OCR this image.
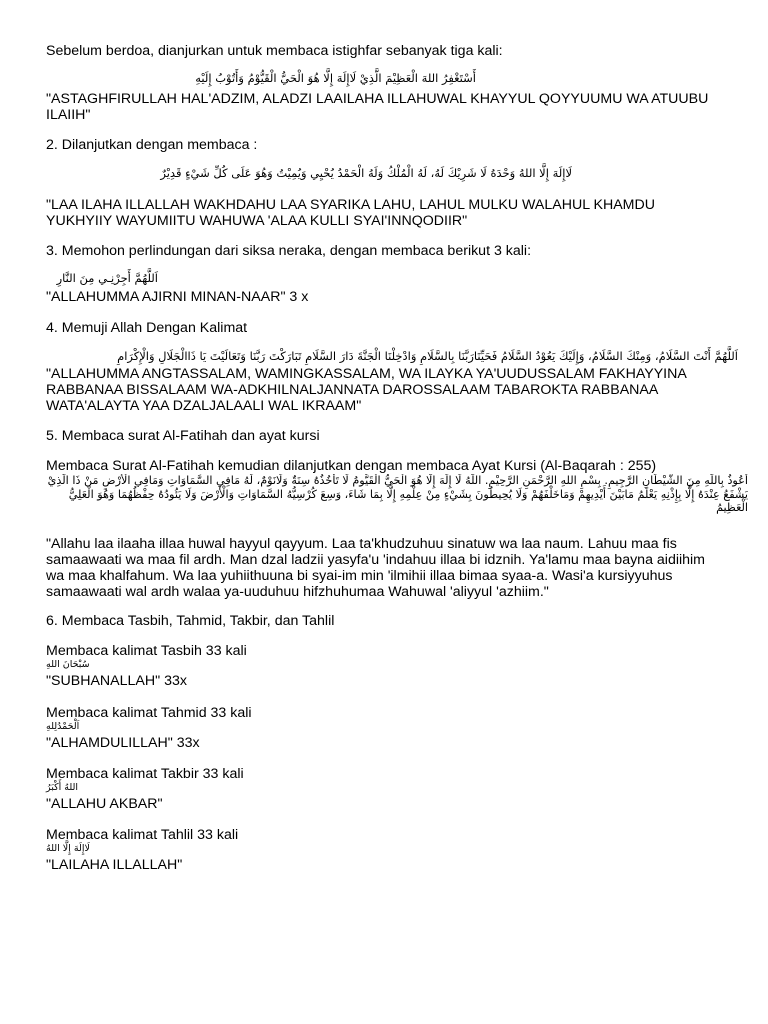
Sebelum berdoa, dianjurkan untuk membaca istighfar sebanyak tiga kali:
أَسْتَغْفِرُ اللهَ الْعَظِيْمَ الَّذِيْ لَاإِلَهَ إِلَّا هُوَ الْحَيُّ الْقَيُّوْمُ وَأَتُوْبُ إِلَيْهِ
"ASTAGHFIRULLAH HAL'ADZIM, ALADZI LAAILAHA ILLAHUWAL KHAYYUL QOYYUUMU WA ATUUBU
ILAIIH"
2. Dilanjutkan dengan membaca :
لَاإِلَهَ إِلَّا اللهُ وَحْدَهُ لَا شَرِيْكَ لَهُ، لَهُ الْمُلْكُ وَلَهُ الْحَمْدُ يُحْيِي وَيُمِيْتُ وَهُوَ عَلَى كُلِّ شَيْءٍ قَدِيْرٌ
"LAA ILAHA ILLALLAH WAKHDAHU LAA SYARIKA LAHU, LAHUL MULKU WALAHUL KHAMDU
YUKHYIIY WAYUMIITU WAHUWA 'ALAA KULLI SYAI'INNQODIIR"
3. Memohon perlindungan dari siksa neraka, dengan membaca berikut 3 kali:
اَللَّهُمَّ أَجِرْنِـي مِنَ النَّارِ
"ALLAHUMMA AJIRNI MINAN-NAAR" 3 x
4. Memuji Allah Dengan Kalimat
اَللَّهُمَّ أَنْتَ السَّلَامُ، وَمِنْكَ السَّلَامُ، وَإِلَيْكَ يَعُوْدُ السَّلَامُ فَحَيِّنَارَبَّنَا بِالسَّلَامِ وَادْخِلْنَا الْجَنَّةَ دَارَ السَّلَامِ تَبَارَكْتَ رَبَّنَا وَتَعَالَيْتَ يَا ذَاالْجَلَالِ وَالْإِكْرَامِ
"ALLAHUMMA ANGTASSALAM, WAMINGKASSALAM, WA ILAYKA YA'UUDUSSALAM FAKHAYYINA
RABBANAA BISSALAAM WA-ADKHILNALJANNATA DAROSSALAAM TABAROKTA RABBANAA
WATA'ALAYTA YAA DZALJALAALI WAL IKRAAM"
5. Membaca surat Al-Fatihah dan ayat kursi
Membaca Surat Al-Fatihah kemudian dilanjutkan dengan membaca Ayat Kursi (Al-Baqarah : 255)
أَعُوذُ بِاللَّهِ مِنَ الشَّيْطَانِ الرَّجِيمِ. بِسْمِ اللهِ الرَّحْمَنِ الرَّحِيْمِ. اللَّهُ لَا إِلَهَ إِلَّا هُوَ الْحَيُّ الْقَيُّومُ لَا تَأْخُذُهُ سِنَةٌ وَلَانَوْمٌ، لَهُ مَافِي السَّمَاوَاتِ وَمَافِي الْأَرْضِ مَنْ ذَا الَّذِيْ يَشْفَعُ عِنْدَهُ إِلَّا بِإِذْنِهِ يَعْلَمُ مَابَيْنَ أَيْدِيهِمْ وَمَاخَلْفَهُمْ وَلَا يُحِيطُونَ بِشَيْءٍ مِنْ عِلْمِهِ إِلَّا بِمَا شَاءَ، وَسِعَ كُرْسِيُّهُ السَّمَاوَاتِ وَالْأَرْضَ وَلَا يَئُودُهُ حِفْظُهُمَا وَهُوَ الْعَلِيُّ الْعَظِيمُ
"Allahu laa ilaaha illaa huwal hayyul qayyum. Laa ta'khudzuhuu sinatuw wa laa naum. Lahuu maa fis
samaawaati wa maa fil ardh. Man dzal ladzii yasyfa'u 'indahuu illaa bi idznih. Ya'lamu maa bayna aidiihim
wa maa khalfahum. Wa laa yuhiithuuna bi syai-im min 'ilmihii illaa bimaa syaa-a. Wasi'a kursiyyuhus
samaawaati wal ardh walaa ya-uuduhuu hifzhuhumaa Wahuwal 'aliyyul 'azhiim."
6. Membaca Tasbih, Tahmid, Takbir, dan Tahlil
Membaca kalimat Tasbih 33 kali
سُبْحَانَ اللهِ
"SUBHANALLAH" 33x
Membaca kalimat Tahmid 33 kali
اَلْحَمْدُلِلهِ
"ALHAMDULILLAH" 33x
Membaca kalimat Takbir 33 kali
اللهُ أَكْبَرُ
"ALLAHU AKBAR"
Membaca kalimat Tahlil 33 kali
لَاإِلَهَ إِلَّا اللهُ
"LAILAHA ILLALLAH"
